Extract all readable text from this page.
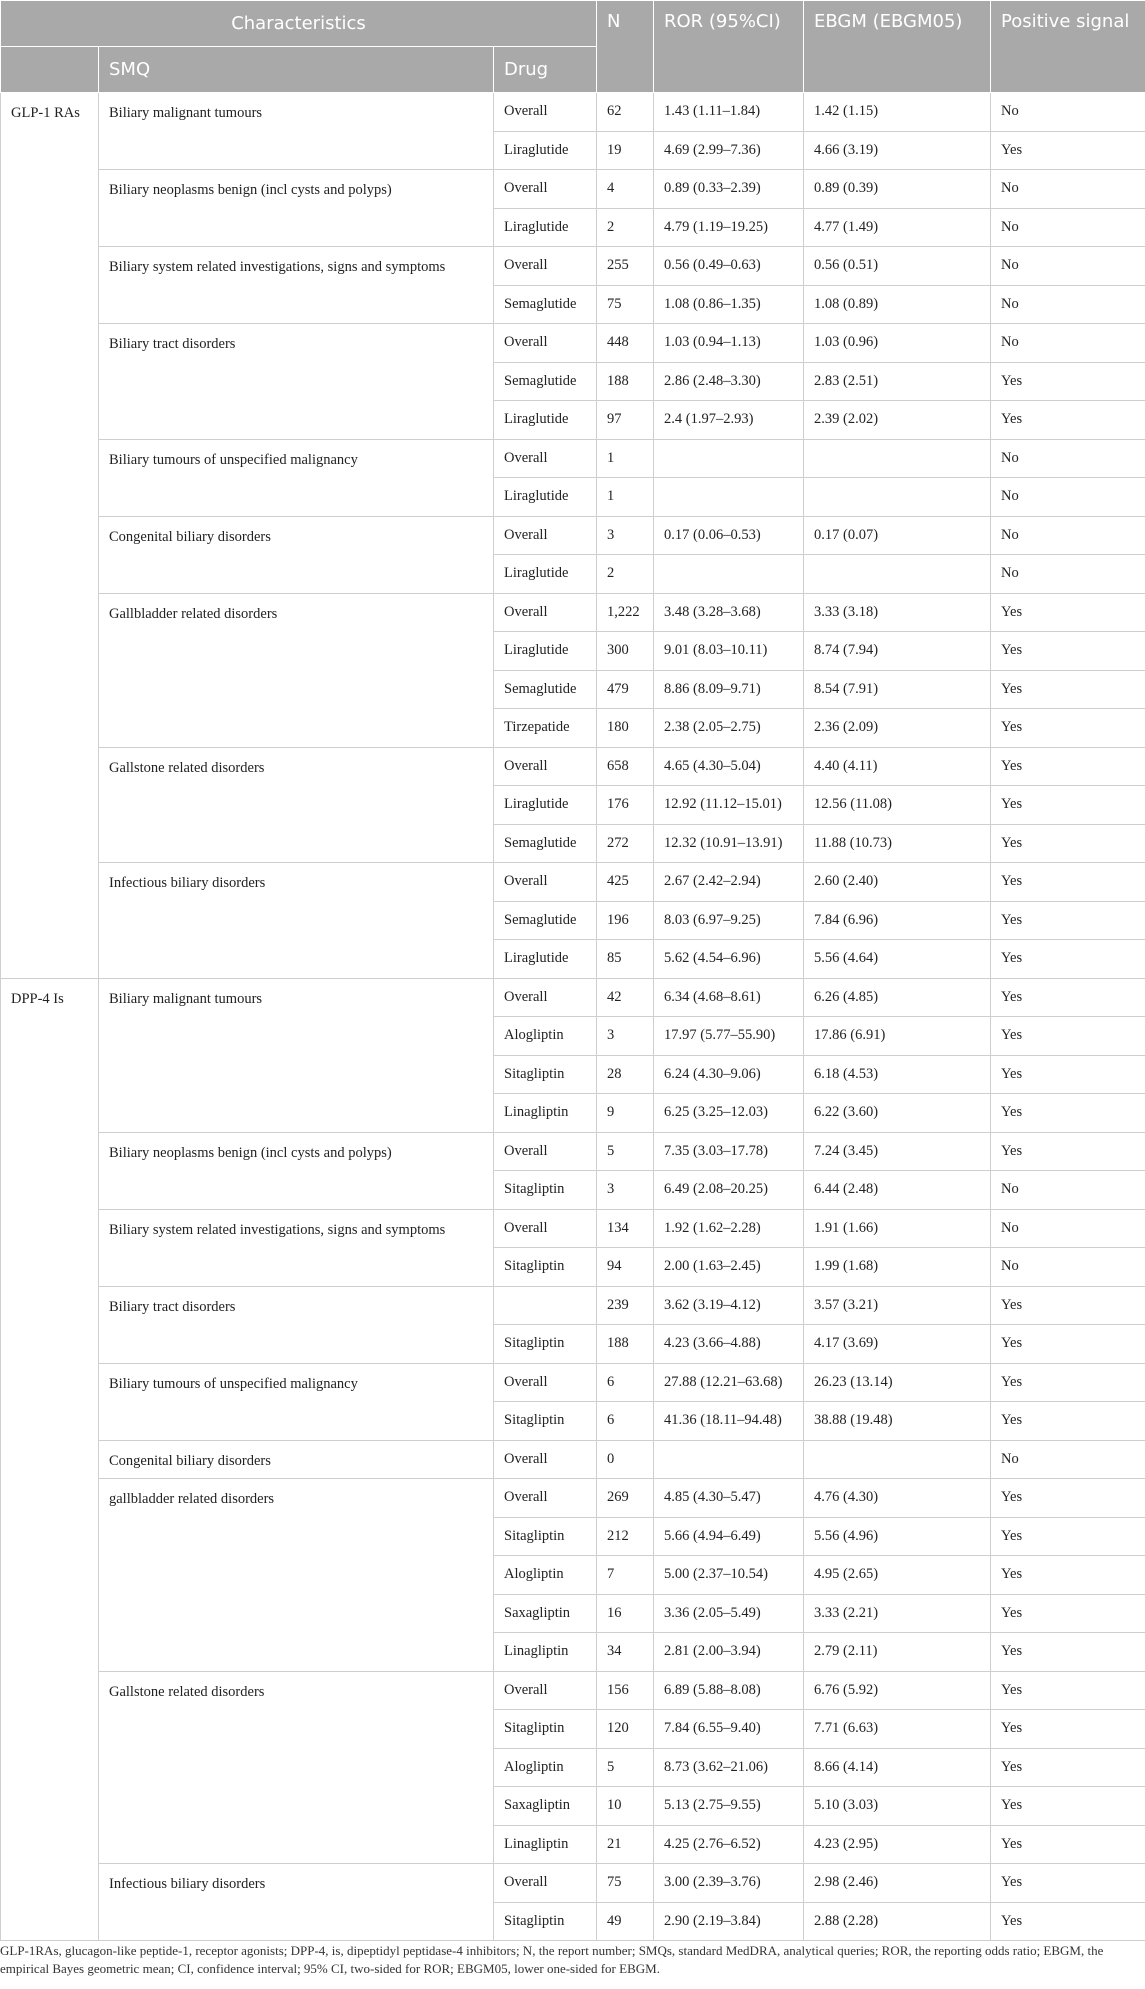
Characteristics			N	ROR (95%CI)	EBGM (EBGM05)	Positive signal
	SMQ	Drug				
GLP-1 RAs	Biliary malignant tumours	Overall	62	1.43 (1.11–1.84)	1.42 (1.15)	No
		Liraglutide	19	4.69 (2.99–7.36)	4.66 (3.19)	Yes
	Biliary neoplasms benign (incl cysts and polyps)	Overall	4	0.89 (0.33–2.39)	0.89 (0.39)	No
		Liraglutide	2	4.79 (1.19–19.25)	4.77 (1.49)	No
	Biliary system related investigations, signs and symptoms	Overall	255	0.56 (0.49–0.63)	0.56 (0.51)	No
		Semaglutide	75	1.08 (0.86–1.35)	1.08 (0.89)	No
	Biliary tract disorders	Overall	448	1.03 (0.94–1.13)	1.03 (0.96)	No
		Semaglutide	188	2.86 (2.48–3.30)	2.83 (2.51)	Yes
		Liraglutide	97	2.4 (1.97–2.93)	2.39 (2.02)	Yes
	Biliary tumours of unspecified malignancy	Overall	1			No
		Liraglutide	1			No
	Congenital biliary disorders	Overall	3	0.17 (0.06–0.53)	0.17 (0.07)	No
		Liraglutide	2			No
	Gallbladder related disorders	Overall	1,222	3.48 (3.28–3.68)	3.33 (3.18)	Yes
		Liraglutide	300	9.01 (8.03–10.11)	8.74 (7.94)	Yes
		Semaglutide	479	8.86 (8.09–9.71)	8.54 (7.91)	Yes
		Tirzepatide	180	2.38 (2.05–2.75)	2.36 (2.09)	Yes
	Gallstone related disorders	Overall	658	4.65 (4.30–5.04)	4.40 (4.11)	Yes
		Liraglutide	176	12.92 (11.12–15.01)	12.56 (11.08)	Yes
		Semaglutide	272	12.32 (10.91–13.91)	11.88 (10.73)	Yes
	Infectious biliary disorders	Overall	425	2.67 (2.42–2.94)	2.60 (2.40)	Yes
		Semaglutide	196	8.03 (6.97–9.25)	7.84 (6.96)	Yes
		Liraglutide	85	5.62 (4.54–6.96)	5.56 (4.64)	Yes
DPP-4 Is	Biliary malignant tumours	Overall	42	6.34 (4.68–8.61)	6.26 (4.85)	Yes
		Alogliptin	3	17.97 (5.77–55.90)	17.86 (6.91)	Yes
		Sitagliptin	28	6.24 (4.30–9.06)	6.18 (4.53)	Yes
		Linagliptin	9	6.25 (3.25–12.03)	6.22 (3.60)	Yes
	Biliary neoplasms benign (incl cysts and polyps)	Overall	5	7.35 (3.03–17.78)	7.24 (3.45)	Yes
		Sitagliptin	3	6.49 (2.08–20.25)	6.44 (2.48)	No
	Biliary system related investigations, signs and symptoms	Overall	134	1.92 (1.62–2.28)	1.91 (1.66)	No
		Sitagliptin	94	2.00 (1.63–2.45)	1.99 (1.68)	No
	Biliary tract disorders		239	3.62 (3.19–4.12)	3.57 (3.21)	Yes
		Sitagliptin	188	4.23 (3.66–4.88)	4.17 (3.69)	Yes
	Biliary tumours of unspecified malignancy	Overall	6	27.88 (12.21–63.68)	26.23 (13.14)	Yes
		Sitagliptin	6	41.36 (18.11–94.48)	38.88 (19.48)	Yes
	Congenital biliary disorders	Overall	0			No
	gallbladder related disorders	Overall	269	4.85 (4.30–5.47)	4.76 (4.30)	Yes
		Sitagliptin	212	5.66 (4.94–6.49)	5.56 (4.96)	Yes
		Alogliptin	7	5.00 (2.37–10.54)	4.95 (2.65)	Yes
		Saxagliptin	16	3.36 (2.05–5.49)	3.33 (2.21)	Yes
		Linagliptin	34	2.81 (2.00–3.94)	2.79 (2.11)	Yes
	Gallstone related disorders	Overall	156	6.89 (5.88–8.08)	6.76 (5.92)	Yes
		Sitagliptin	120	7.84 (6.55–9.40)	7.71 (6.63)	Yes
		Alogliptin	5	8.73 (3.62–21.06)	8.66 (4.14)	Yes
		Saxagliptin	10	5.13 (2.75–9.55)	5.10 (3.03)	Yes
		Linagliptin	21	4.25 (2.76–6.52)	4.23 (2.95)	Yes
	Infectious biliary disorders	Overall	75	3.00 (2.39–3.76)	2.98 (2.46)	Yes
		Sitagliptin	49	2.90 (2.19–3.84)	2.88 (2.28)	Yes
GLP-1RAs, glucagon-like peptide-1, receptor agonists; DPP-4, is, dipeptidyl peptidase-4 inhibitors; N, the report number; SMQs, standard MedDRA, analytical queries; ROR, the reporting odds ratio; EBGM, the empirical Bayes geometric mean; CI, confidence interval; 95% CI, two-sided for ROR; EBGM05, lower one-sided for EBGM.
